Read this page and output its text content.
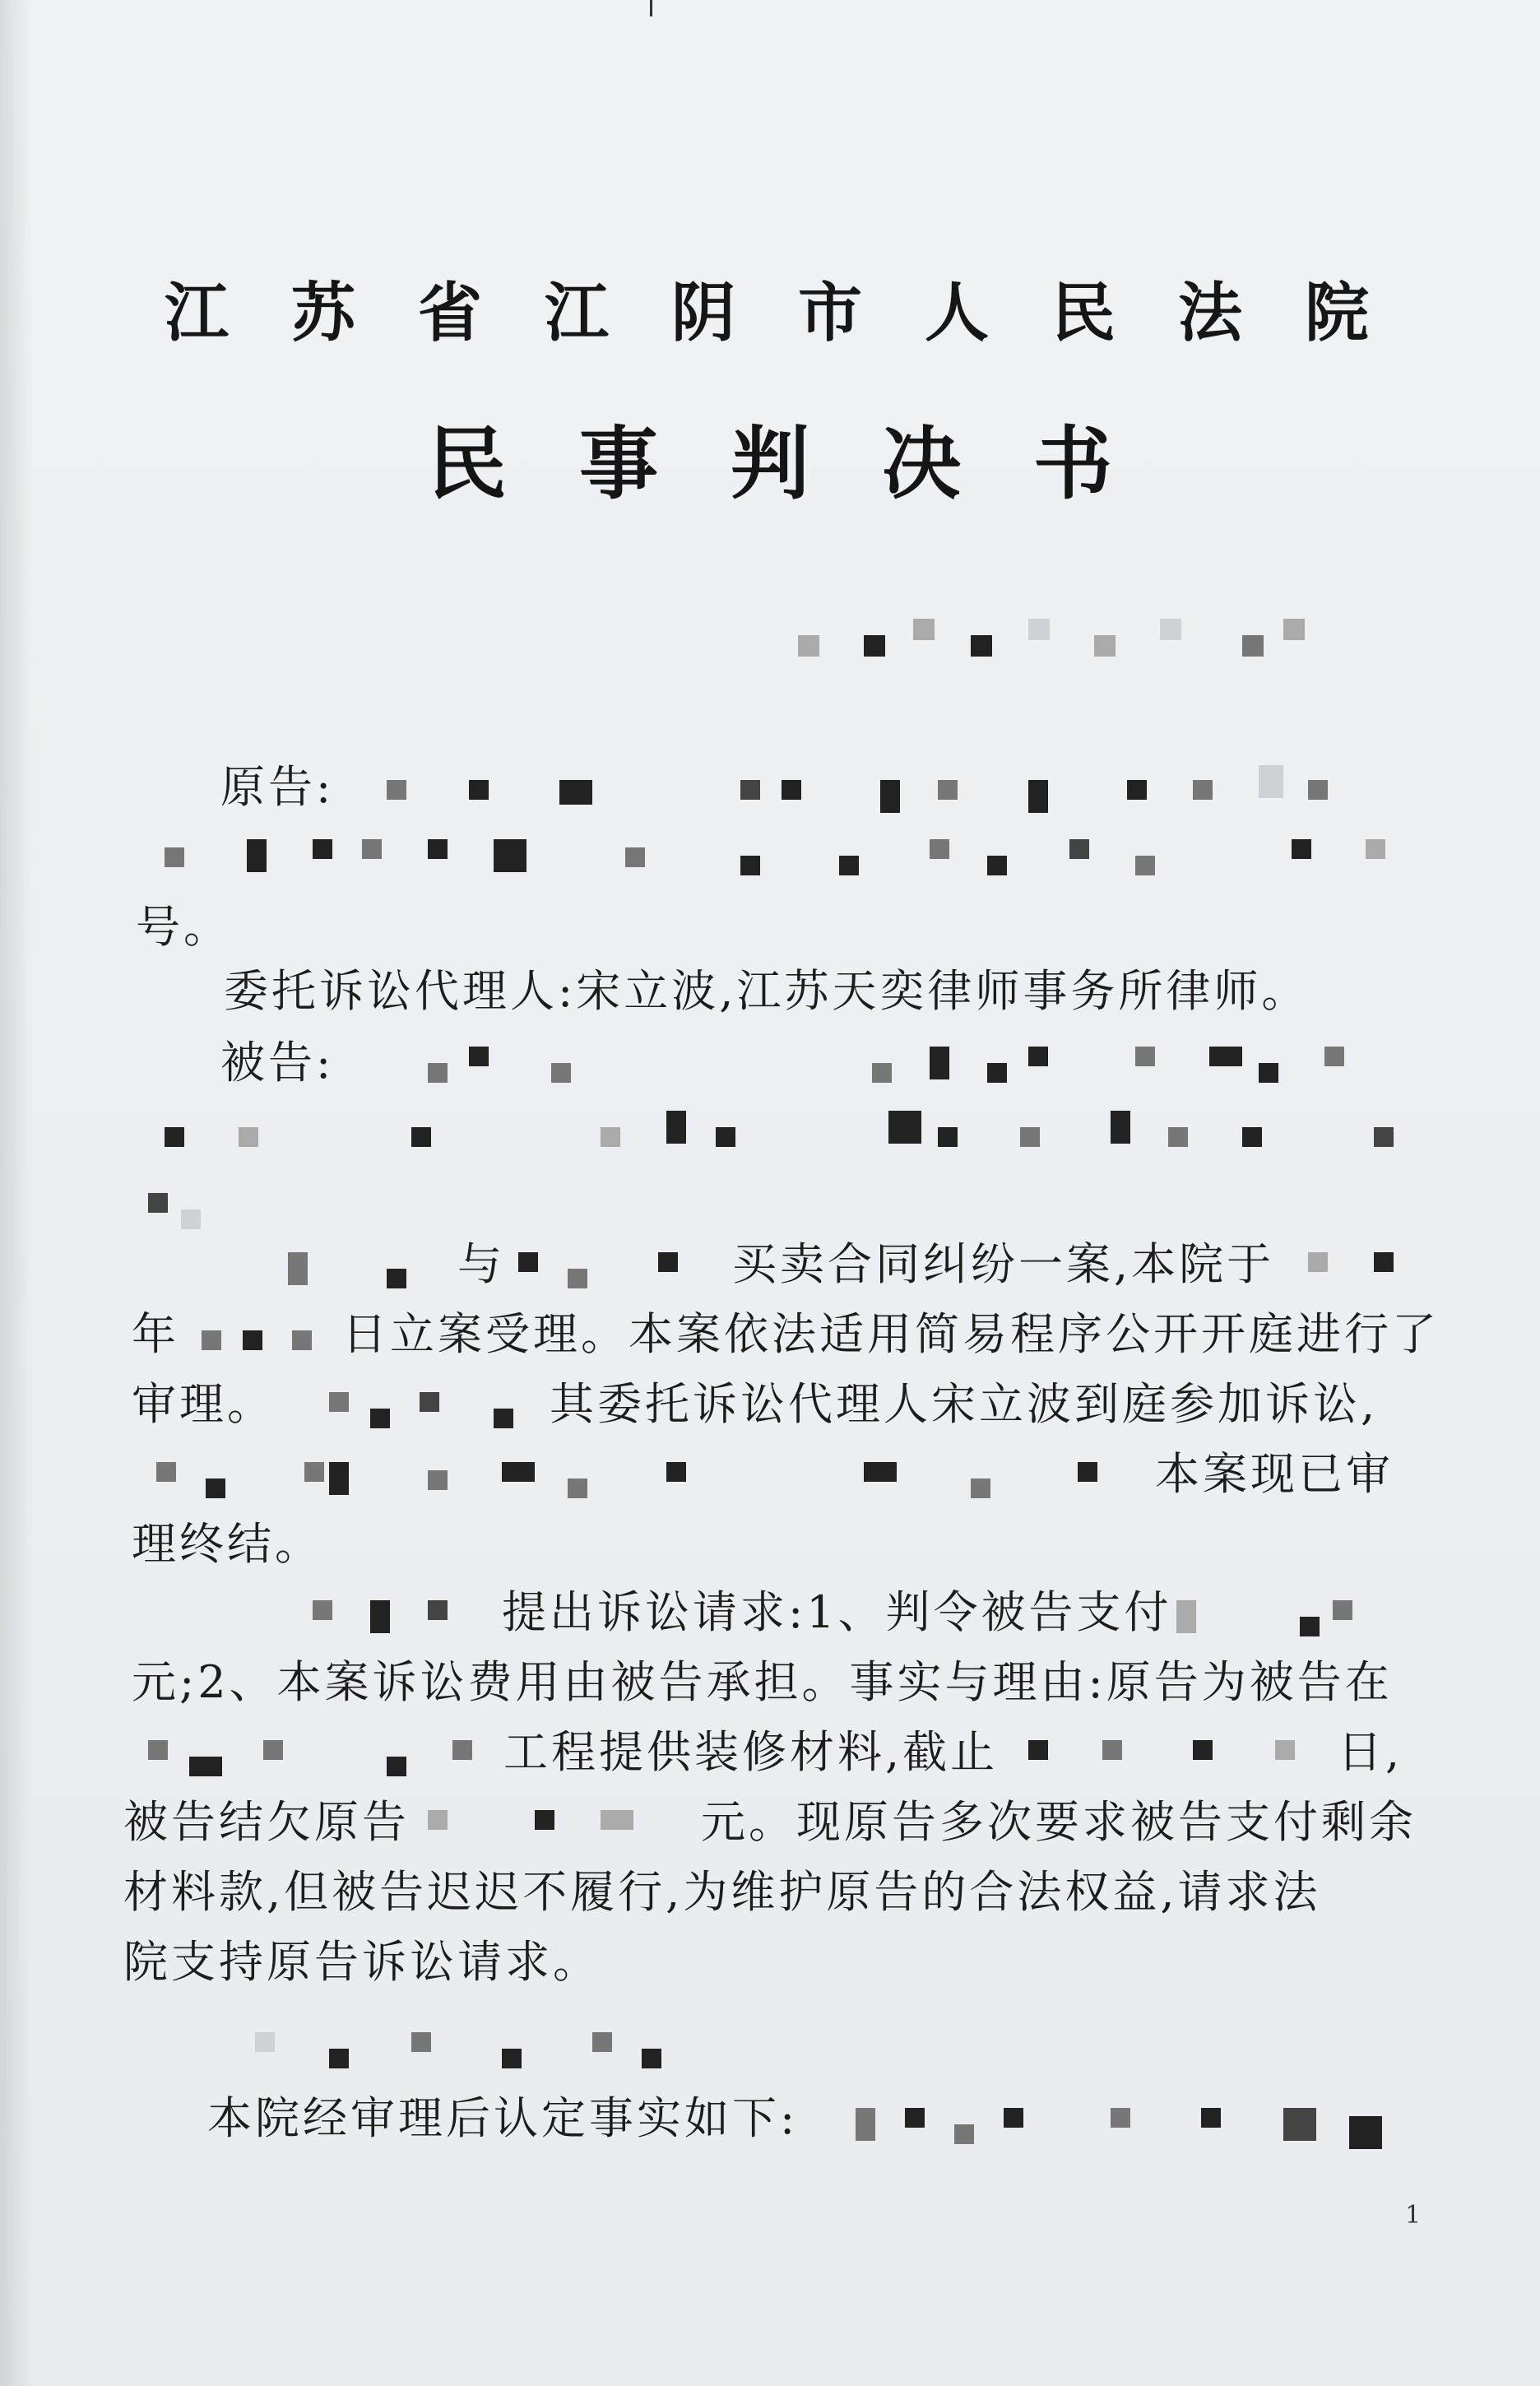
江苏省江阴市人民法院
民事判决书
原告:
号。
委托诉讼代理人:宋立波,江苏天奕律师事务所律师。
被告:
与	买卖合同纠纷一案,本院于
年	日立案受理。本案依法适用简易程序公开开庭进行了
审理。	其委托诉讼代理人宋立波到庭参加诉讼,
本案现已审
理终结。
提出诉讼请求:1、判令被告支付
元;2、本案诉讼费用由被告承担。事实与理由:原告为被告在
工程提供装修材料,截止	日,
被告结欠原告	元。现原告多次要求被告支付剩余
材料款,但被告迟迟不履行,为维护原告的合法权益,请求法
院支持原告诉讼请求。
本院经审理后认定事实如下:
1
